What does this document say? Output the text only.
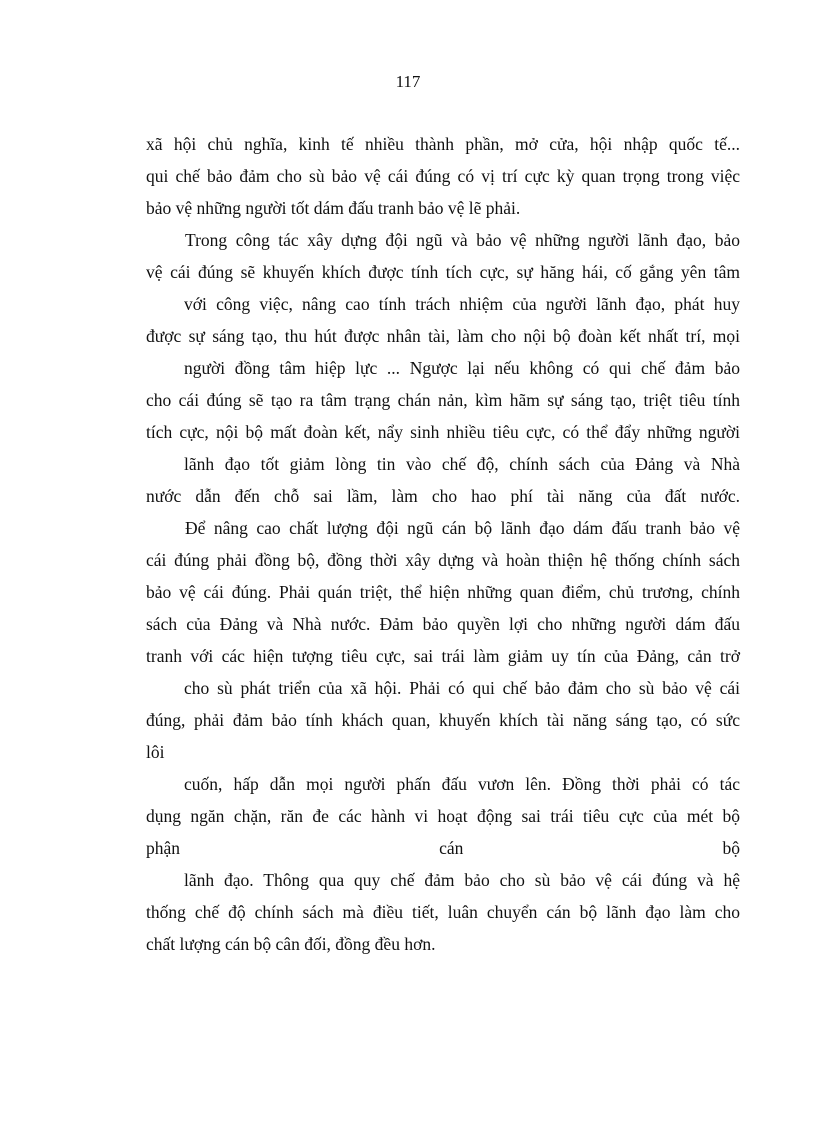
117
xã hội chủ nghĩa, kinh tế nhiều thành phần, mở cửa, hội nhập quốc tế...
qui chế bảo đảm cho sù bảo vệ cái đúng có vị trí cực kỳ quan trọng trong việc
bảo vệ những người tốt dám đấu tranh bảo vệ lẽ phải.
Trong công tác xây dựng đội ngũ và bảo vệ những người lãnh đạo, bảo
vệ cái đúng sẽ khuyến khích được tính tích cực, sự hăng hái, cố gắng yên tâm
với công việc, nâng cao tính trách nhiệm của người lãnh đạo, phát huy
được sự sáng tạo, thu hút được nhân tài, làm cho nội bộ đoàn kết nhất trí, mọi
người đồng tâm hiệp lực ... Ngược lại nếu không có qui chế đảm bảo
cho cái đúng sẽ tạo ra tâm trạng chán nản, kìm hãm sự sáng tạo, triệt tiêu tính
tích cực, nội bộ mất đoàn kết, nẩy sinh nhiều tiêu cực, có thể đẩy những người
lãnh đạo tốt giảm lòng tin vào chế độ, chính sách của Đảng và Nhà
nước dẫn đến chỗ sai lầm, làm cho hao phí tài năng của đất nước.
Để nâng cao chất lượng đội ngũ cán bộ lãnh đạo dám đấu tranh bảo vệ
cái đúng phải đồng bộ, đồng thời xây dựng và hoàn thiện hệ thống chính sách
bảo vệ cái đúng. Phải quán triệt, thể hiện những quan điểm, chủ trương, chính
sách của Đảng và Nhà nước. Đảm bảo quyền lợi cho những người dám đấu
tranh với các hiện tượng tiêu cực, sai trái làm giảm uy tín của Đảng, cản trở
cho sù phát triển của xã hội. Phải có qui chế bảo đảm cho sù bảo vệ cái
đúng, phải đảm bảo tính khách quan, khuyến khích tài năng sáng tạo, có sức
lôi
cuốn, hấp dẫn mọi người phấn đấu vươn lên. Đồng thời phải có tác
dụng ngăn chặn, răn đe các hành vi hoạt động sai trái tiêu cực của mét bộ
phận	cán	bộ
lãnh đạo. Thông qua quy chế đảm bảo cho sù bảo vệ cái đúng và hệ
thống chế độ chính sách mà điều tiết, luân chuyển cán bộ lãnh đạo làm cho
chất lượng cán bộ cân đối, đồng đều hơn.
